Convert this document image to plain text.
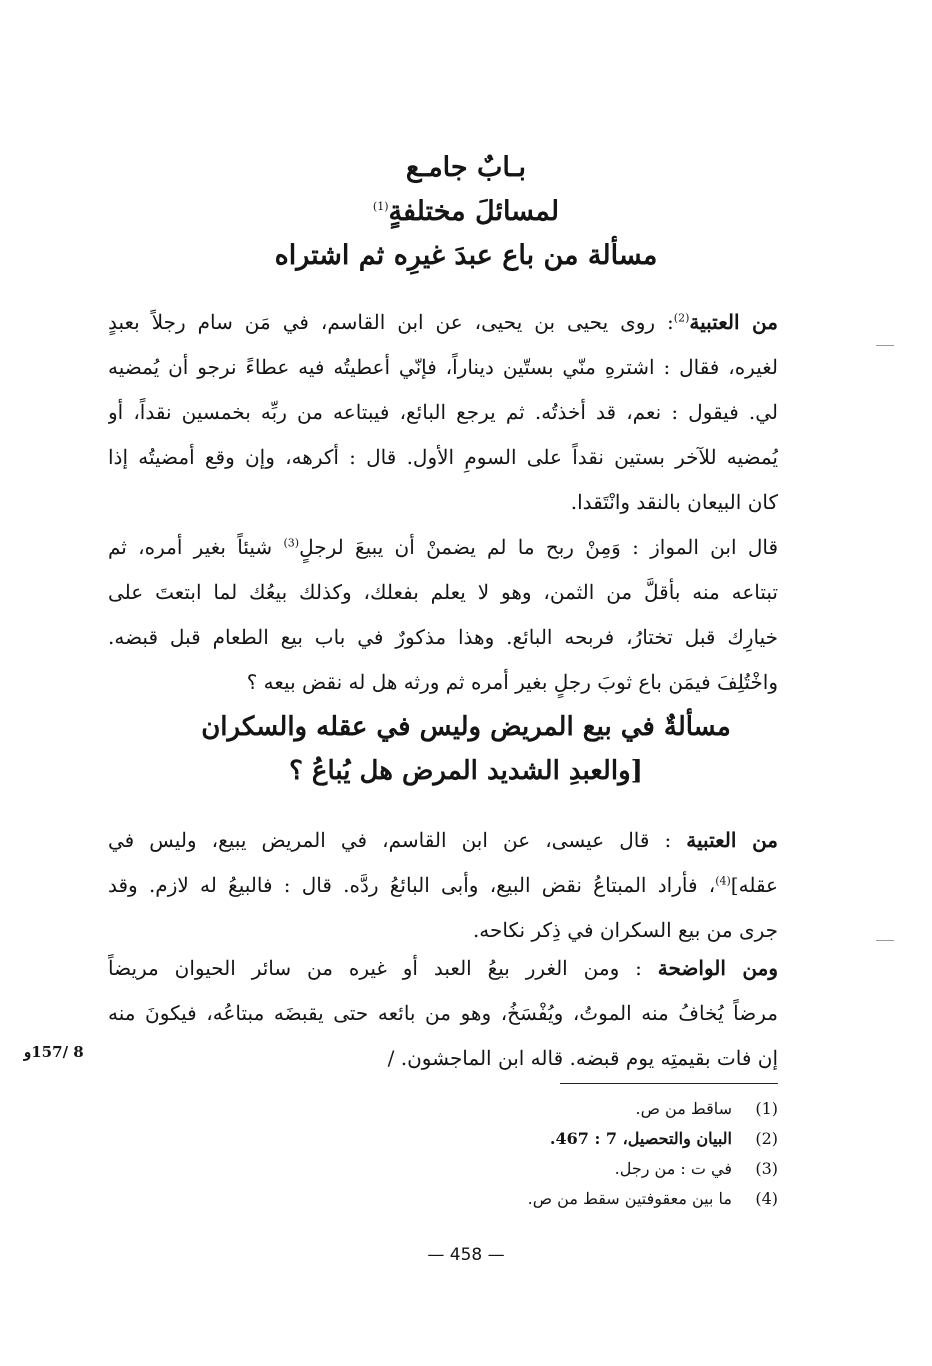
بـابٌ جامـع
لمسائلَ مختلفةٍ$^{(1)}$
مسألة من باع عبدَ غيرِه ثم اشتراه
من العتبية$^{(2)}$: روى يحيى بن يحيى، عن ابن القاسم، في مَن سام رجلاً بعبدٍ
لغيره، فقال : اشترهِ منّي بستّين ديناراً، فإنّي أعطيتُه فيه عطاءً نرجو أن يُمضيه
لي. فيقول : نعم، قد أخذتُه. ثم يرجع البائع، فيبتاعه من ربِّه بخمسين نقداً، أو
يُمضيه للآخر بستين نقداً على السومِ الأول. قال : أكرهه، وإن وقع أمضيتُه إذا
كان البيعان بالنقد وانْتَقدا.
قال ابن المواز : وَمِنْ ربح ما لم يضمنْ أن يبيعَ لرجلٍ$^{(3)}$ شيئاً بغير أمره، ثم
تبتاعه منه بأقلَّ من الثمن، وهو لا يعلم بفعلك، وكذلك بيعُك لما ابتعتَ على
خيارِك قبل تختارُ، فربحه البائع. وهذا مذكورٌ في باب بيع الطعام قبل قبضه.
واخْتُلِفَ فيمَن باع ثوبَ رجلٍ بغير أمره ثم ورثه هل له نقض بيعه ؟
مسألةٌ في بيع المريض وليس في عقله والسكران
[والعبدِ الشديد المرض هل يُباعُ ؟
من العتبية : قال عيسى، عن ابن القاسم، في المريض يبيع، وليس في
عقله]$^{(4)}$، فأراد المبتاعُ نقض البيع، وأبى البائعُ ردَّه. قال : فالبيعُ له لازم. وقد
جرى من بيع السكران في ذِكر نكاحه.
ومن الواضحة : ومن الغرر بيعُ العبد أو غيره من سائر الحيوان مريضاً
مرضاً يُخافُ منه الموتُ، ويُفْسَخُ، وهو من بائعه حتى يقبضَه مبتاعُه، فيكونَ منه
إن فات بقيمتِه يوم قبضه. قاله ابن الماجشون. /
8 /157و
(1)
ساقط من ص.
(2)
البيان والتحصيل، 7 : 467.
(3)
في ت : من رجل.
(4)
ما بين معقوفتين سقط من ص.
— 458 —
